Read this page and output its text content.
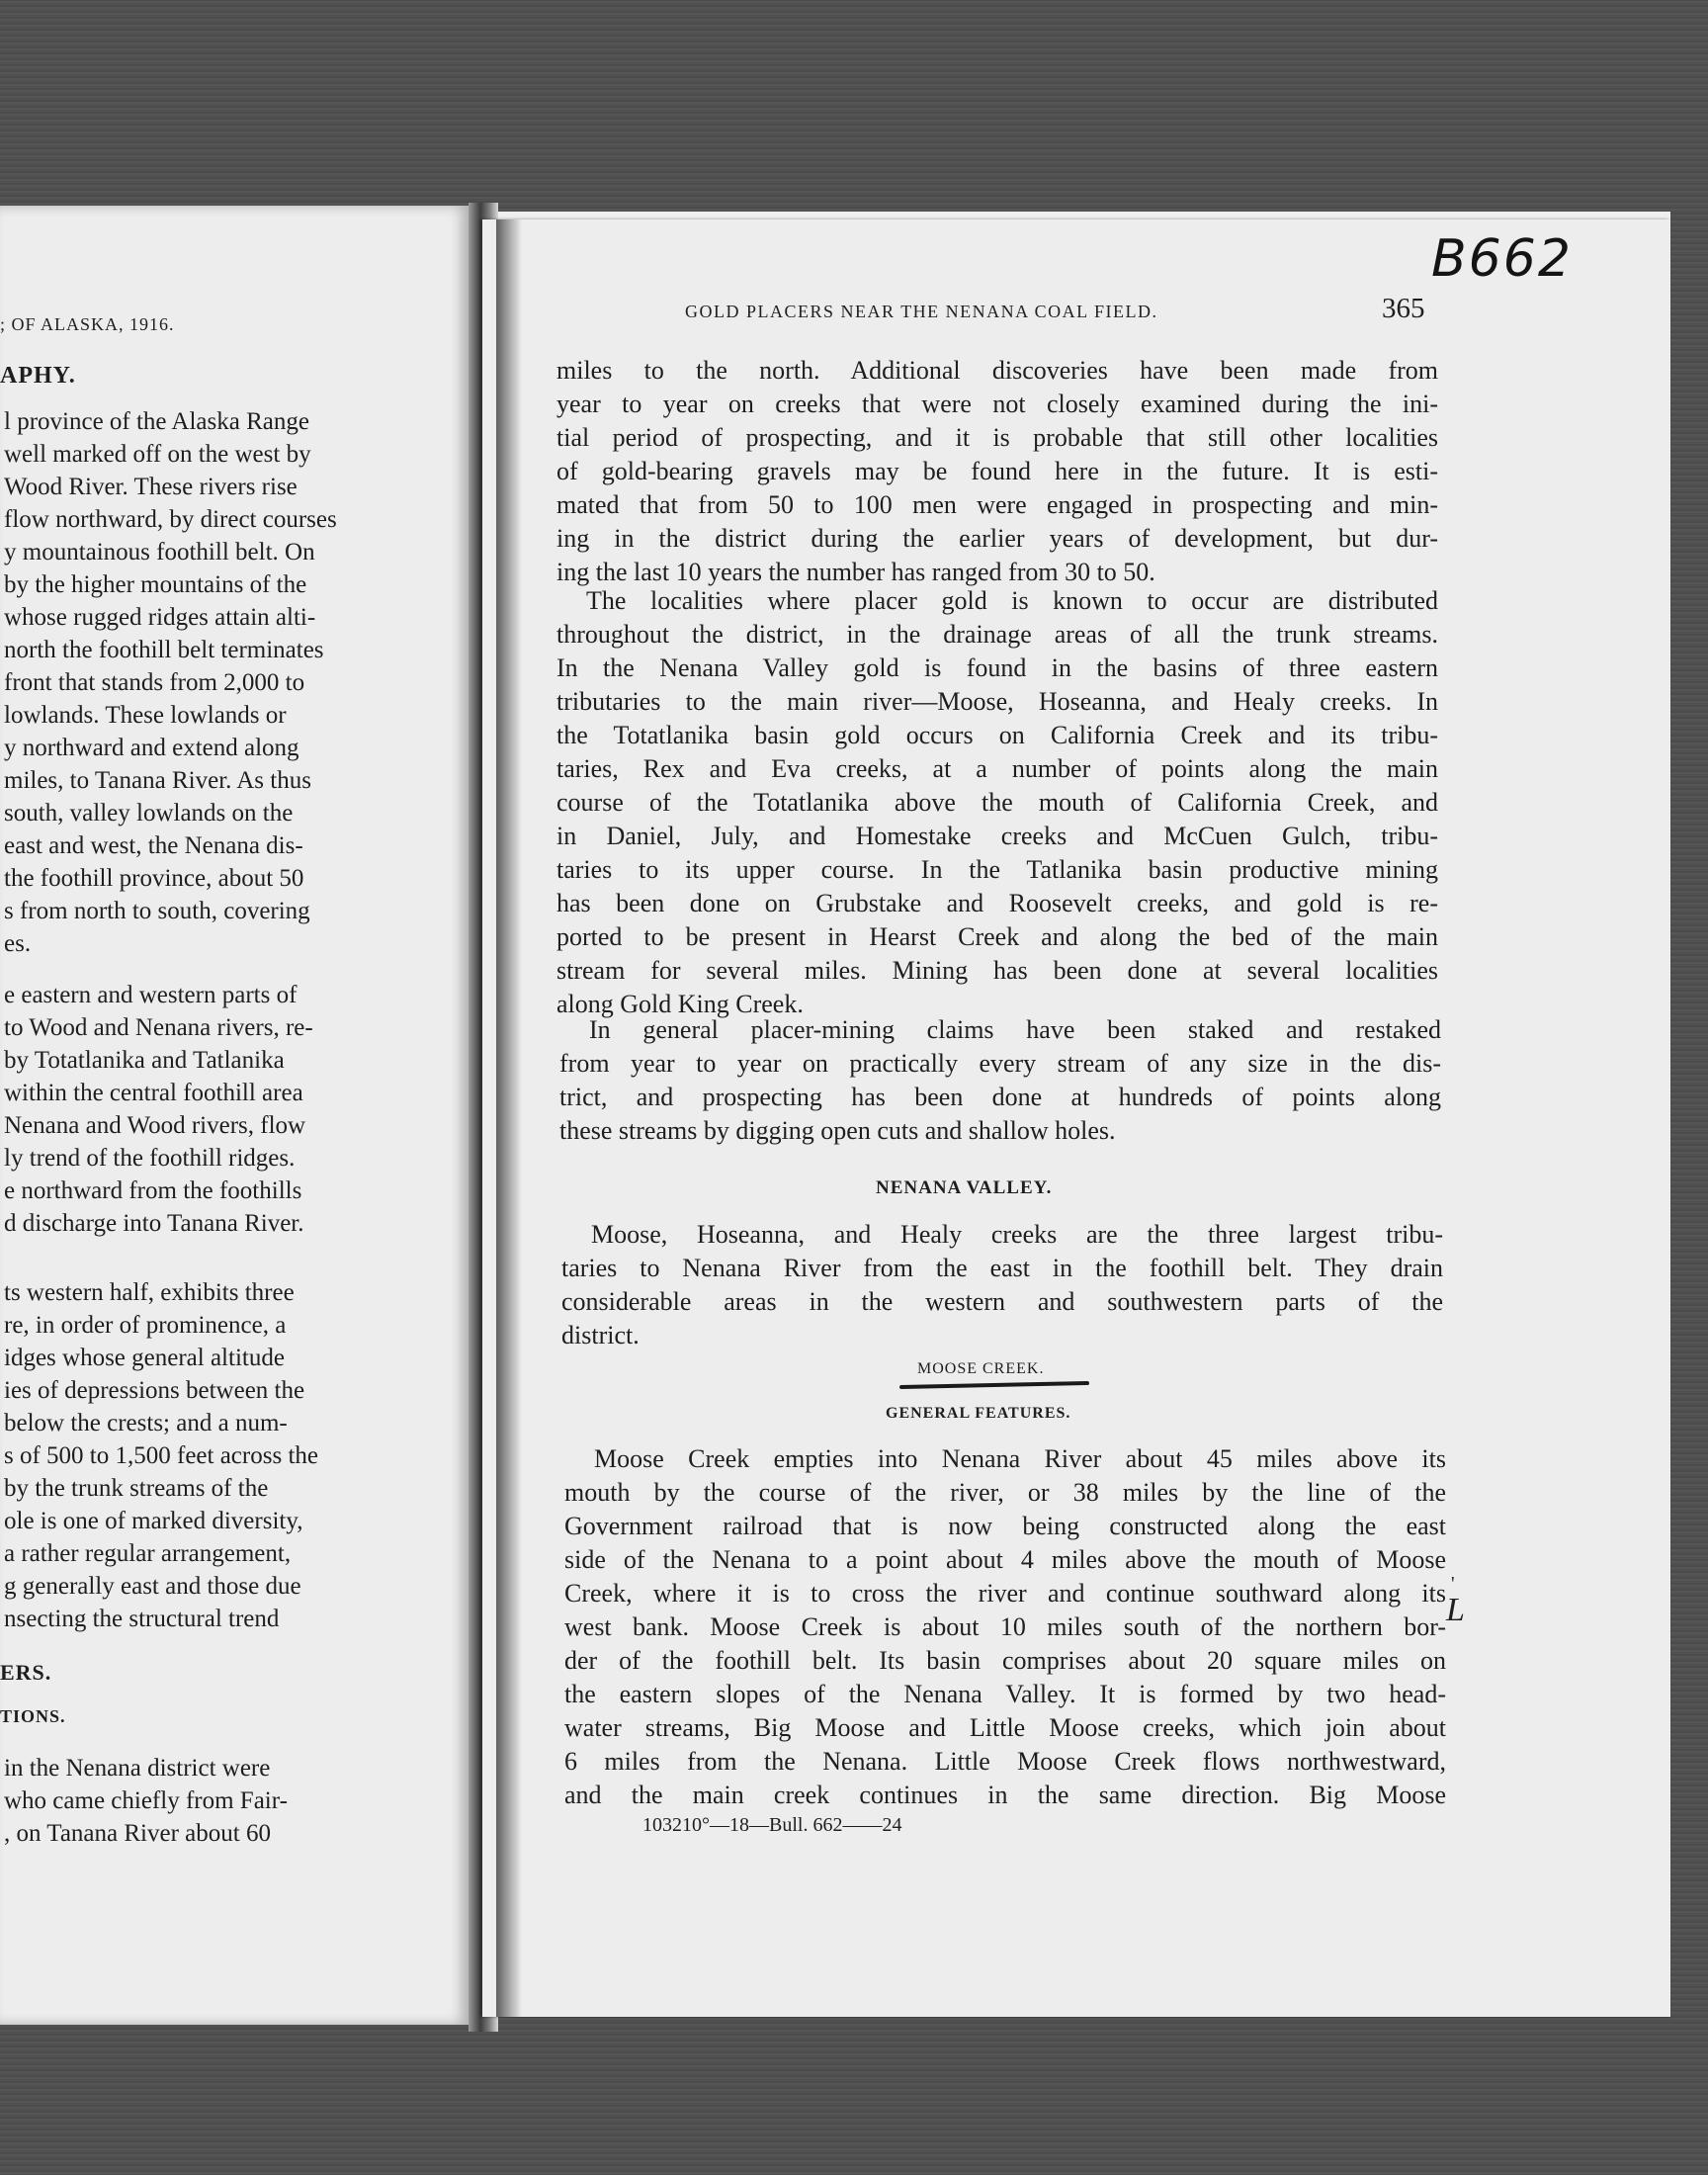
B662
GOLD PLACERS NEAR THE NENANA COAL FIELD.	365
miles to the north. Additional discoveries have been made from
year to year on creeks that were not closely examined during the ini-
tial period of prospecting, and it is probable that still other localities
of gold-bearing gravels may be found here in the future. It is esti-
mated that from 50 to 100 men were engaged in prospecting and min-
ing in the district during the earlier years of development, but dur-
ing the last 10 years the number has ranged from 30 to 50.
The localities where placer gold is known to occur are distributed
throughout the district, in the drainage areas of all the trunk streams.
In the Nenana Valley gold is found in the basins of three eastern
tributaries to the main river—Moose, Hoseanna, and Healy creeks. In
the Totatlanika basin gold occurs on California Creek and its tribu-
taries, Rex and Eva creeks, at a number of points along the main
course of the Totatlanika above the mouth of California Creek, and
in Daniel, July, and Homestake creeks and McCuen Gulch, tribu-
taries to its upper course. In the Tatlanika basin productive mining
has been done on Grubstake and Roosevelt creeks, and gold is re-
ported to be present in Hearst Creek and along the bed of the main
stream for several miles. Mining has been done at several localities
along Gold King Creek.
In general placer-mining claims have been staked and restaked
from year to year on practically every stream of any size in the dis-
trict, and prospecting has been done at hundreds of points along
these streams by digging open cuts and shallow holes.
NENANA VALLEY.
Moose, Hoseanna, and Healy creeks are the three largest tribu-
taries to Nenana River from the east in the foothill belt. They drain
considerable areas in the western and southwestern parts of the
district.
MOOSE CREEK.
GENERAL FEATURES.
Moose Creek empties into Nenana River about 45 miles above its
mouth by the course of the river, or 38 miles by the line of the
Government railroad that is now being constructed along the east
side of the Nenana to a point about 4 miles above the mouth of Moose
Creek, where it is to cross the river and continue southward along its
west bank. Moose Creek is about 10 miles south of the northern bor-
der of the foothill belt. Its basin comprises about 20 square miles on
the eastern slopes of the Nenana Valley. It is formed by two head-
water streams, Big Moose and Little Moose creeks, which join about
6 miles from the Nenana. Little Moose Creek flows northwestward,
and the main creek continues in the same direction. Big Moose
'
L
103210°—18—Bull. 662——24
; OF ALASKA, 1916.
APHY.
l province of the Alaska Range
well marked off on the west by
Wood River. These rivers rise
flow northward, by direct courses
y mountainous foothill belt. On
by the higher mountains of the
whose rugged ridges attain alti-
north the foothill belt terminates
front that stands from 2,000 to
lowlands. These lowlands or
y northward and extend along
miles, to Tanana River. As thus
south, valley lowlands on the
east and west, the Nenana dis-
the foothill province, about 50
s from north to south, covering
es.
e eastern and western parts of
to Wood and Nenana rivers, re-
by Totatlanika and Tatlanika
within the central foothill area
Nenana and Wood rivers, flow
ly trend of the foothill ridges.
e northward from the foothills
d discharge into Tanana River.
ts western half, exhibits three
re, in order of prominence, a
idges whose general altitude
ies of depressions between the
below the crests; and a num-
s of 500 to 1,500 feet across the
by the trunk streams of the
ole is one of marked diversity,
a rather regular arrangement,
g generally east and those due
nsecting the structural trend
in the Nenana district were
who came chiefly from Fair-
, on Tanana River about 60
ERS.
TIONS.
